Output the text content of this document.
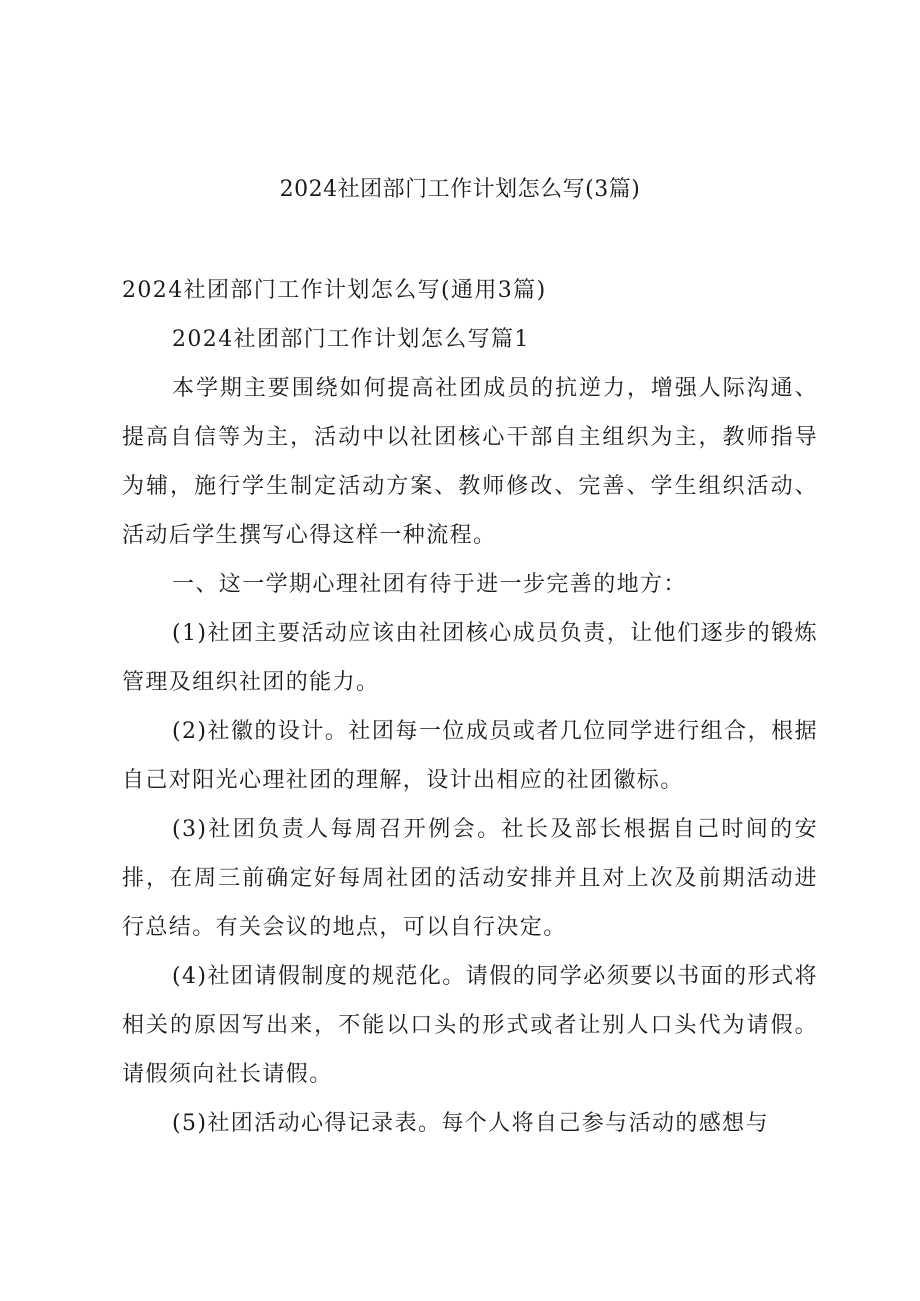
2024社团部门工作计划怎么写(3篇)

2024社团部门工作计划怎么写(通用3篇)

2024社团部门工作计划怎么写篇1

本学期主要围绕如何提高社团成员的抗逆力，增强人际沟通、提高自信等为主，活动中以社团核心干部自主组织为主，教师指导为辅，施行学生制定活动方案、教师修改、完善、学生组织活动、活动后学生撰写心得这样一种流程。

一、这一学期心理社团有待于进一步完善的地方：

(1)社团主要活动应该由社团核心成员负责，让他们逐步的锻炼管理及组织社团的能力。

(2)社徽的设计。社团每一位成员或者几位同学进行组合，根据自己对阳光心理社团的理解，设计出相应的社团徽标。

(3)社团负责人每周召开例会。社长及部长根据自己时间的安排，在周三前确定好每周社团的活动安排并且对上次及前期活动进行总结。有关会议的地点，可以自行决定。

(4)社团请假制度的规范化。请假的同学必须要以书面的形式将相关的原因写出来，不能以口头的形式或者让别人口头代为请假。请假须向社长请假。

(5)社团活动心得记录表。每个人将自己参与活动的感想与
